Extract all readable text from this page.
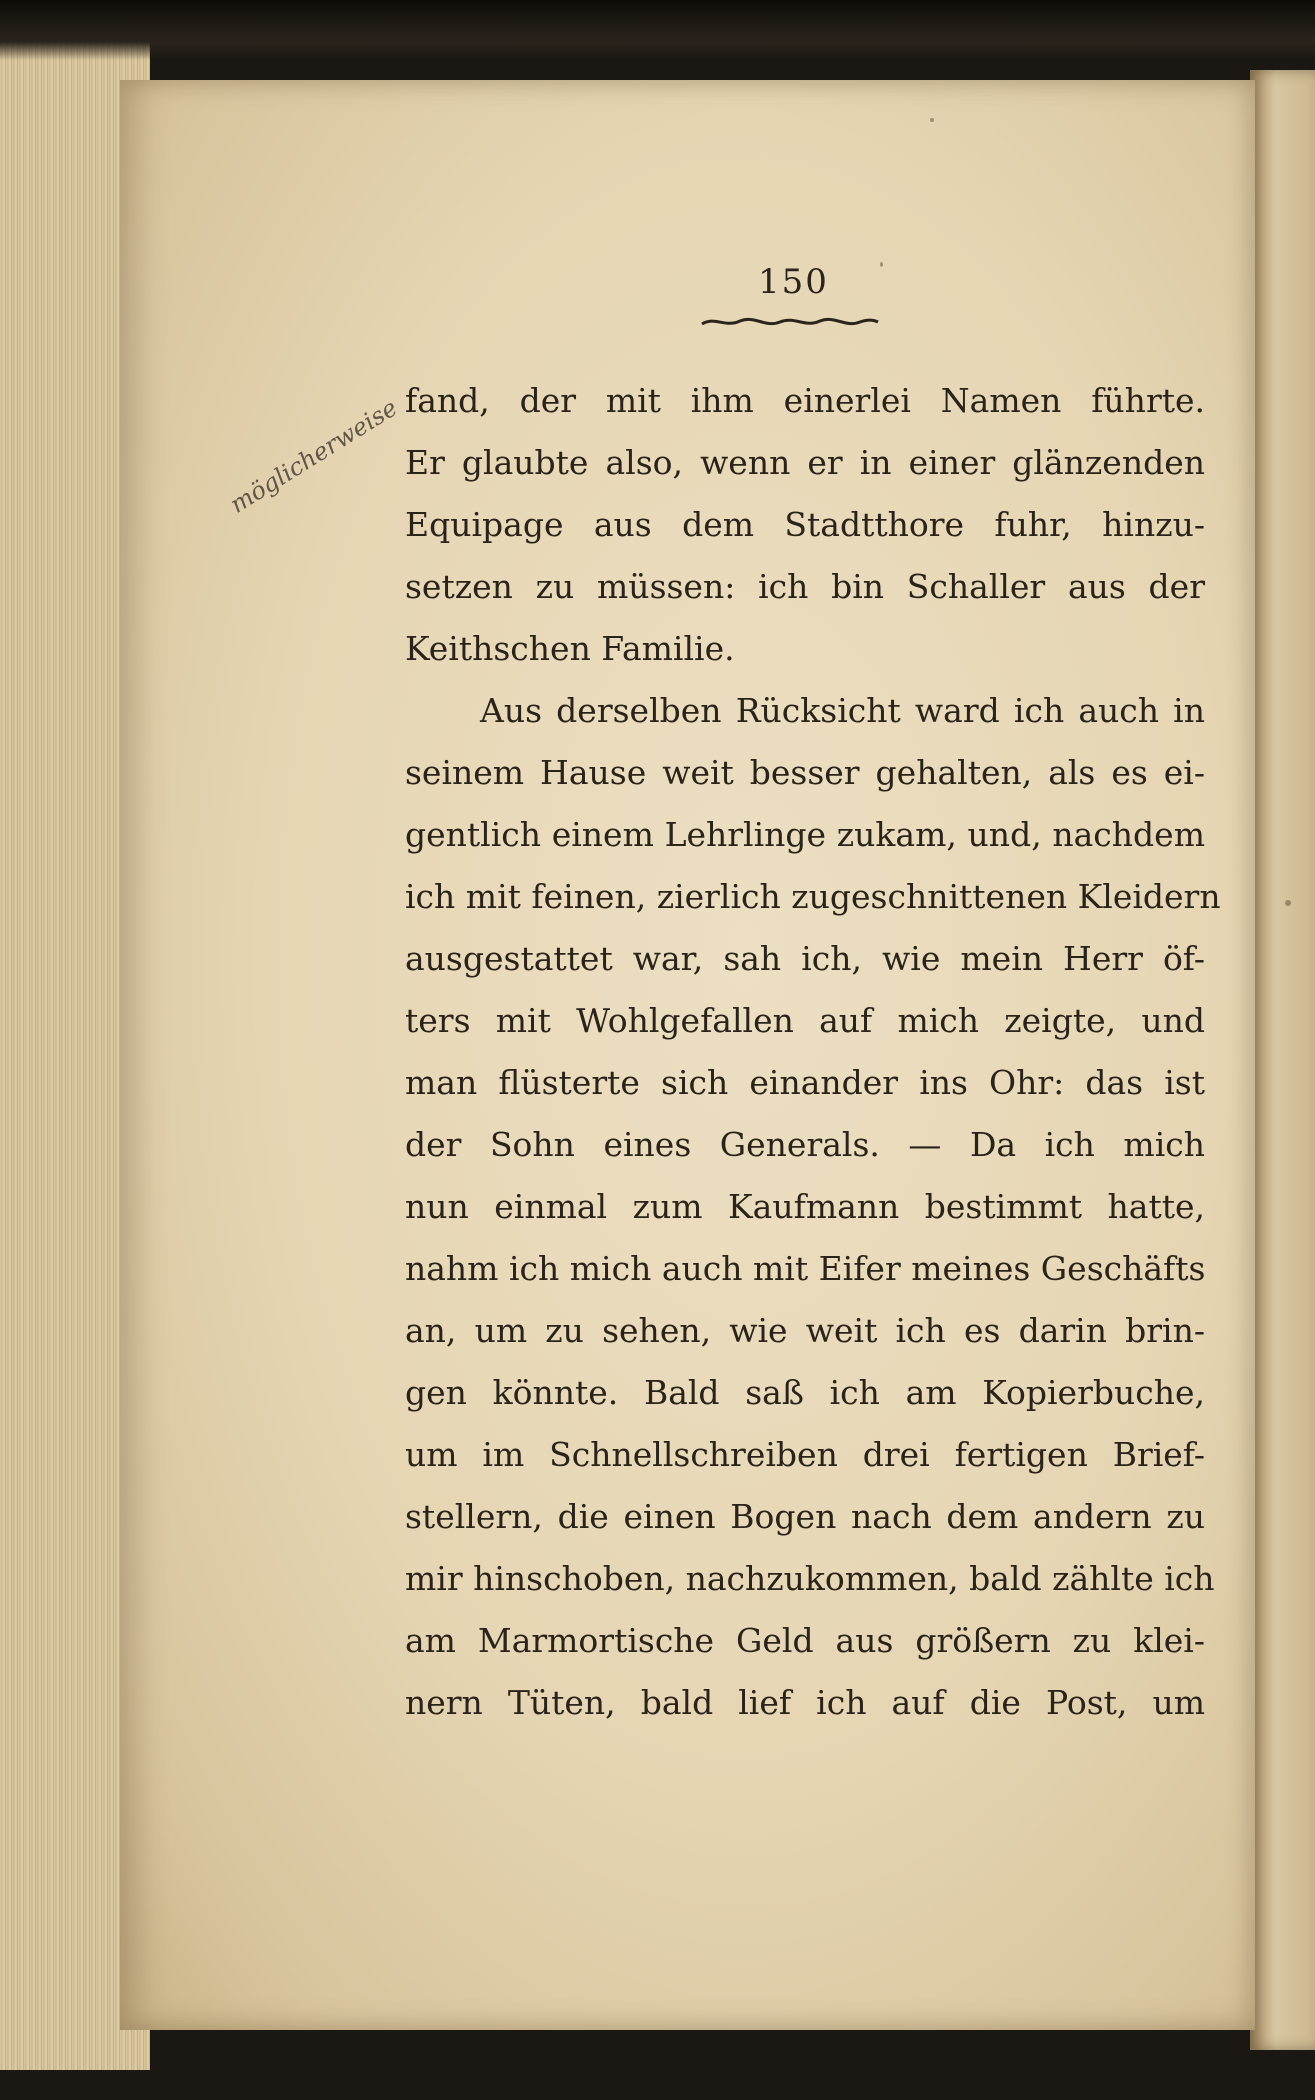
150
möglicherweise fand, der mit ihm einerlei Namen führte.
Er glaubte also, wenn er in einer glänzenden
Equipage aus dem Stadtthore fuhr, hinzu-
setzen zu müssen: ich bin Schaller aus der
Keithschen Familie.
Aus derselben Rücksicht ward ich auch in
seinem Hause weit besser gehalten, als es ei-
gentlich einem Lehrlinge zukam, und, nachdem
ich mit feinen, zierlich zugeschnittenen Kleidern
ausgestattet war, sah ich, wie mein Herr öf-
ters mit Wohlgefallen auf mich zeigte, und
man flüsterte sich einander ins Ohr: das ist
der Sohn eines Generals. — Da ich mich
nun einmal zum Kaufmann bestimmt hatte,
nahm ich mich auch mit Eifer meines Geschäfts
an, um zu sehen, wie weit ich es darin brin-
gen könnte. Bald saß ich am Kopierbuche,
um im Schnellschreiben drei fertigen Brief-
stellern, die einen Bogen nach dem andern zu
mir hinschoben, nachzukommen, bald zählte ich
am Marmortische Geld aus größern zu klei-
nern Tüten, bald lief ich auf die Post, um
